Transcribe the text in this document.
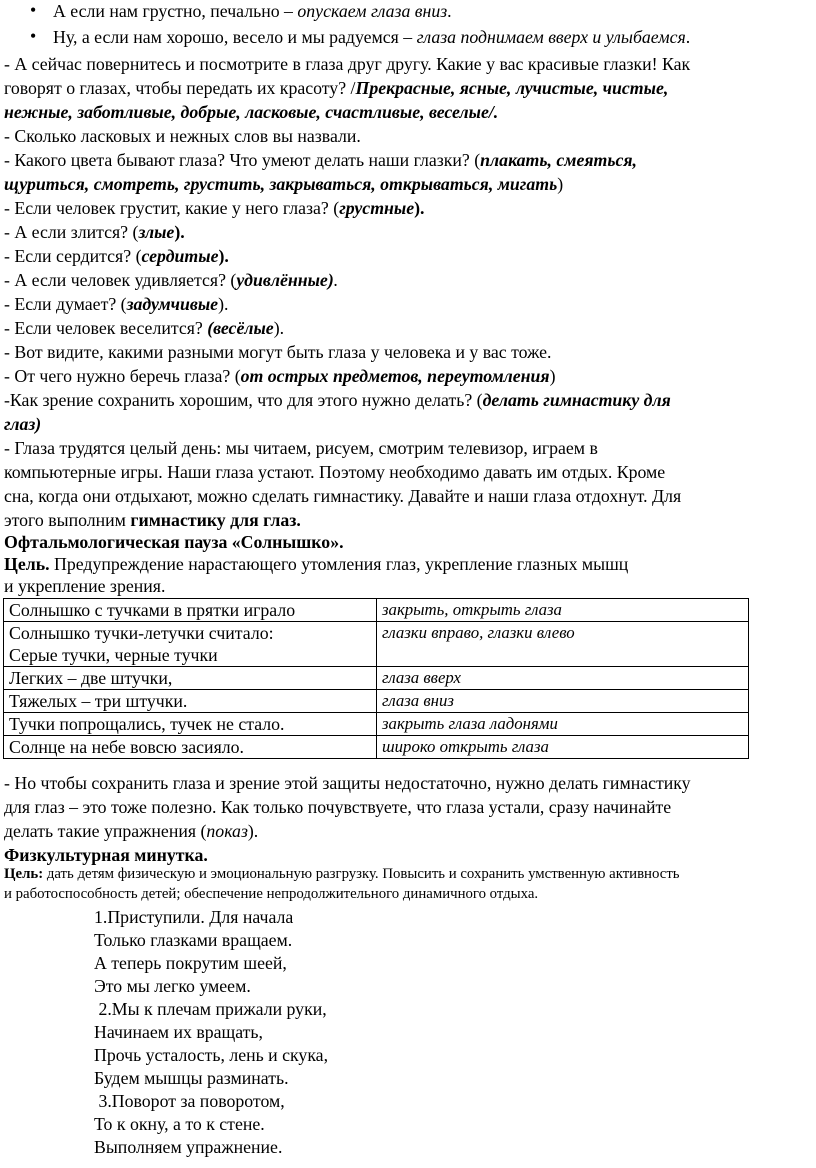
• А если нам грустно, печально – опускаем глаза вниз.
• Ну, а если нам хорошо, весело и мы радуемся – глаза поднимаем вверх и улыбаемся.
- А сейчас повернитесь и посмотрите в глаза друг другу. Какие у вас красивые глазки! Как
говорят о глазах, чтобы передать их красоту? /Прекрасные, ясные, лучистые, чистые,
нежные, заботливые, добрые, ласковые, счастливые, веселые/.
- Сколько ласковых и нежных слов вы назвали.
- Какого цвета бывают глаза? Что умеют делать наши глазки? (плакать, смеяться,
щуриться, смотреть, грустить, закрываться, открываться, мигать)
- Если человек грустит, какие у него глаза? (грустные).
- А если злится? (злые).
- Если сердится? (сердитые).
- А если человек удивляется? (удивлённые).
- Если думает? (задумчивые).
- Если человек веселится? (весёлые).
- Вот видите, какими разными могут быть глаза у человека и у вас тоже.
- От чего нужно беречь глаза? (от острых предметов, переутомления)
-Как зрение сохранить хорошим, что для этого нужно делать? (делать гимнастику для
глаз)
- Глаза трудятся целый день: мы читаем, рисуем, смотрим телевизор, играем в
компьютерные игры. Наши глаза устают. Поэтому необходимо давать им отдых. Кроме
сна, когда они отдыхают, можно сделать гимнастику. Давайте и наши глаза отдохнут. Для
этого выполним гимнастику для глаз.
Офтальмологическая пауза «Солнышко».
Цель. Предупреждение нарастающего утомления глаз, укрепление глазных мышц
и укрепление зрения.
Солнышко с тучками в прятки играло	закрыть, открыть глаза

Солнышко тучки-летучки считало:
Серые тучки, черные тучки	глазки вправо, глазки влево
Легких – две штучки,	глаза вверх
Тяжелых – три штучки.	глаза вниз
Тучки попрощались, тучек не стало.	закрыть глаза ладонями
Солнце на небе вовсю засияло.	широко открыть глаза
- Но чтобы сохранить глаза и зрение этой защиты недостаточно, нужно делать гимнастику
для глаз – это тоже полезно. Как только почувствуете, что глаза устали, сразу начинайте
делать такие упражнения (показ).
Физкультурная минутка.
Цель: дать детям физическую и эмоциональную разгрузку. Повысить и сохранить умственную активность
и работоспособность детей; обеспечение непродолжительного динамичного отдыха.
1.Приступили. Для начала
Только глазками вращаем.
А теперь покрутим шеей,
Это мы легко умеем.
2.Мы к плечам прижали руки,
Начинаем их вращать,
Прочь усталость, лень и скука,
Будем мышцы разминать.
3.Поворот за поворотом,
То к окну, а то к стене.
Выполняем упражнение.
